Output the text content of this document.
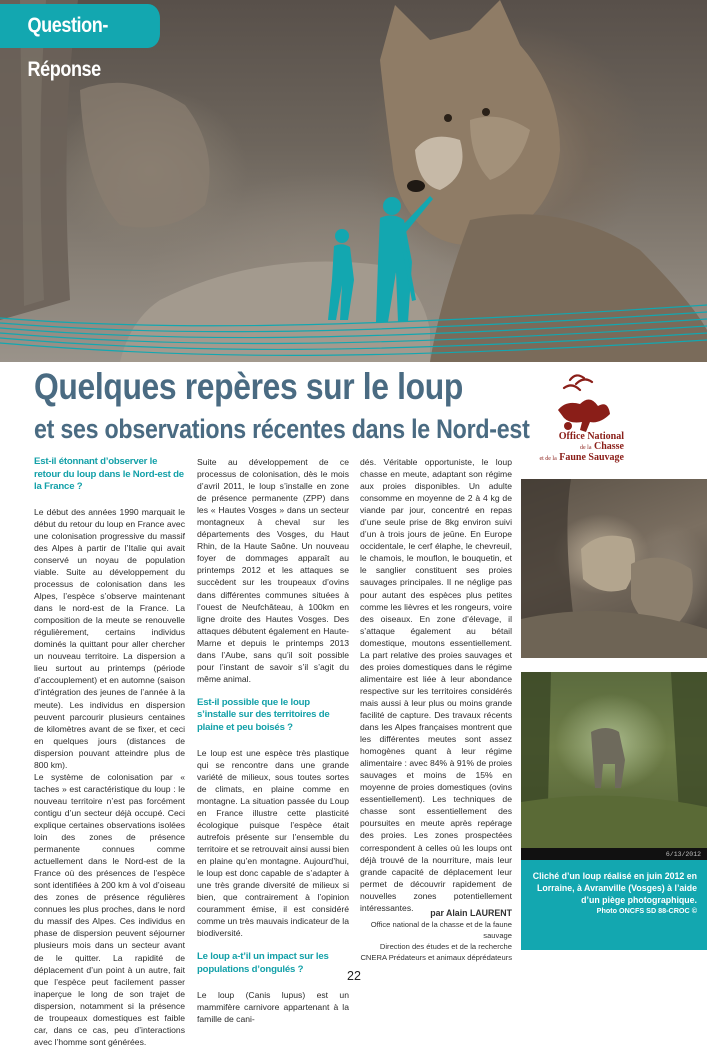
Question-Réponse
Quelques repères sur le loup
et ses observations récentes dans le Nord-est	Office National
de la Chasse
et de la Faune Sauvage
Est-il étonnant d’observer le retour du loup dans le Nord-est de la France ?

Le début des années 1990 marquait le début du retour du loup en France avec une colonisation progressive du massif des Alpes à partir de l’Italie qui avait conservé un noyau de population viable. Suite au développement du processus de colonisation dans les Alpes, l’espèce s’observe maintenant dans le nord-est de la France. La composition de la meute se renouvelle régulièrement, certains individus dominés la quittant pour aller chercher un nouveau territoire. La dispersion a lieu surtout au printemps (période d’accouplement) et en automne (saison d’intégration des jeunes de l’année à la meute). Les individus en dispersion peuvent parcourir plusieurs centaines de kilomètres avant de se fixer, et ceci en quelques jours (distances de dispersion pouvant atteindre plus de 800 km).

Le système de colonisation par « taches » est caractéristique du loup : le nouveau territoire n’est pas forcément contigu d’un secteur déjà occupé. Ceci explique certaines observations isolées loin des zones de présence permanente connues comme actuellement dans le Nord-est de la France où des présences de l’espèce sont identifiées à 200 km à vol d’oiseau des zones de présence régulières connues les plus proches, dans le nord du massif des Alpes. Ces individus en phase de dispersion peuvent séjourner plusieurs mois dans un secteur avant de le quitter. La rapidité de déplacement d’un point à un autre, fait que l’espèce peut facilement passer inaperçue le long de son trajet de dispersion, notamment si la présence de troupeaux domestiques est faible car, dans ce cas, peu d’interactions avec l’homme sont générées.

Suite au développement de ce processus de colonisation, dès le mois d’avril 2011, le loup s’installe en zone de présence permanente (ZPP) dans les « Hautes Vosges » dans un secteur montagneux à cheval sur les départements des Vosges, du Haut Rhin, de la Haute Saône. Un nouveau foyer de dommages apparaît au printemps 2012 et les attaques se succèdent sur les troupeaux d’ovins dans différentes communes situées à l’ouest de Neufchâteau, à 100km en ligne droite des Hautes Vosges. Des attaques débutent également en Haute-Marne et depuis le printemps 2013 dans l’Aube, sans qu’il soit possible pour l’instant de savoir s’il s’agit du même animal.

Est-il possible que le loup s’installe sur des territoires de plaine et peu boisés ?

Le loup est une espèce très plastique qui se rencontre dans une grande variété de milieux, sous toutes sortes de climats, en plaine comme en montagne. La situation passée du Loup en France illustre cette plasticité écologique puisque l’espèce était autrefois présente sur l’ensemble du territoire et se retrouvait ainsi aussi bien en plaine qu’en montagne. Aujourd’hui, le loup est donc capable de s’adapter à une très grande diversité de milieux si bien, que contrairement à l’opinion couramment émise, il est considéré comme un très mauvais indicateur de la biodiversité.

Le loup a-t’il un impact sur les populations d’ongulés ?

Le loup (Canis lupus) est un mammifère carnivore appartenant à la famille de cani-

dés. Véritable opportuniste, le loup chasse en meute, adaptant son régime aux proies disponibles. Un adulte consomme en moyenne de 2 à 4 kg de viande par jour, concentré en repas d’une seule prise de 8kg environ suivi d’un à trois jours de jeûne. En Europe occidentale, le cerf élaphe, le chevreuil, le chamois, le mouflon, le bouquetin, et le sanglier constituent ses proies sauvages principales. Il ne néglige pas pour autant des espèces plus petites comme les lièvres et les rongeurs, voire des oiseaux. En zone d’élevage, il s’attaque également au bétail domestique, moutons essentiellement. La part relative des proies sauvages et des proies domestiques dans le régime alimentaire est liée à leur abondance respective sur les territoires considérés mais aussi à leur plus ou moins grande facilité de capture. Des travaux récents dans les Alpes françaises montrent que les différentes meutes sont assez homogènes quant à leur régime alimentaire : avec 84% à 91% de proies sauvages et moins de 15% en moyenne de proies domestiques (ovins essentiellement). Les techniques de chasse sont essentiellement des poursuites en meute après repérage des proies. Les zones prospectées correspondent à celles où les loups ont déjà trouvé de la nourriture, mais leur grande capacité de déplacement leur permet de découvrir rapidement de nouvelles zones potentiellement intéressantes.

par Alain LAURENT
Office national de la chasse et de la faune sauvage
Direction des études et de la recherche
CNERA Prédateurs et animaux déprédateurs
6/13/2012
Cliché d’un loup réalisé en juin 2012 en Lorraine, à Avranville (Vosges) à l’aide d’un piège photographique.
Photo ONCFS SD 88-CROC ©
22
